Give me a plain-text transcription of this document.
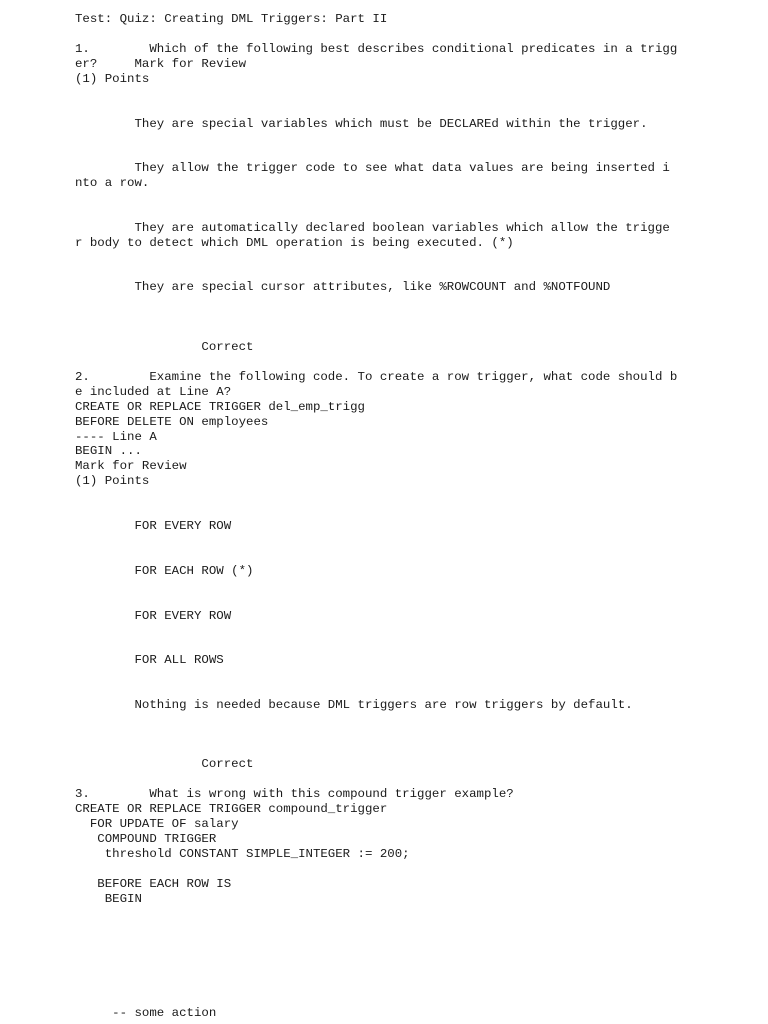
Test: Quiz: Creating DML Triggers: Part II
1.        Which of the following best describes conditional predicates in a trigg
er?     Mark for Review
(1) Points
They are special variables which must be DECLAREd within the trigger.
They allow the trigger code to see what data values are being inserted i
nto a row.
They are automatically declared boolean variables which allow the trigge
r body to detect which DML operation is being executed. (*)
They are special cursor attributes, like %ROWCOUNT and %NOTFOUND
Correct
2.        Examine the following code. To create a row trigger, what code should b
e included at Line A?
CREATE OR REPLACE TRIGGER del_emp_trigg
BEFORE DELETE ON employees
---- Line A
BEGIN ...
Mark for Review
(1) Points
FOR EVERY ROW
FOR EACH ROW (*)
FOR EVERY ROW
FOR ALL ROWS
Nothing is needed because DML triggers are row triggers by default.
Correct
3.        What is wrong with this compound trigger example?
CREATE OR REPLACE TRIGGER compound_trigger
FOR UPDATE OF salary
COMPOUND TRIGGER
threshold CONSTANT SIMPLE_INTEGER := 200;
BEFORE EACH ROW IS
BEGIN
-- some action
